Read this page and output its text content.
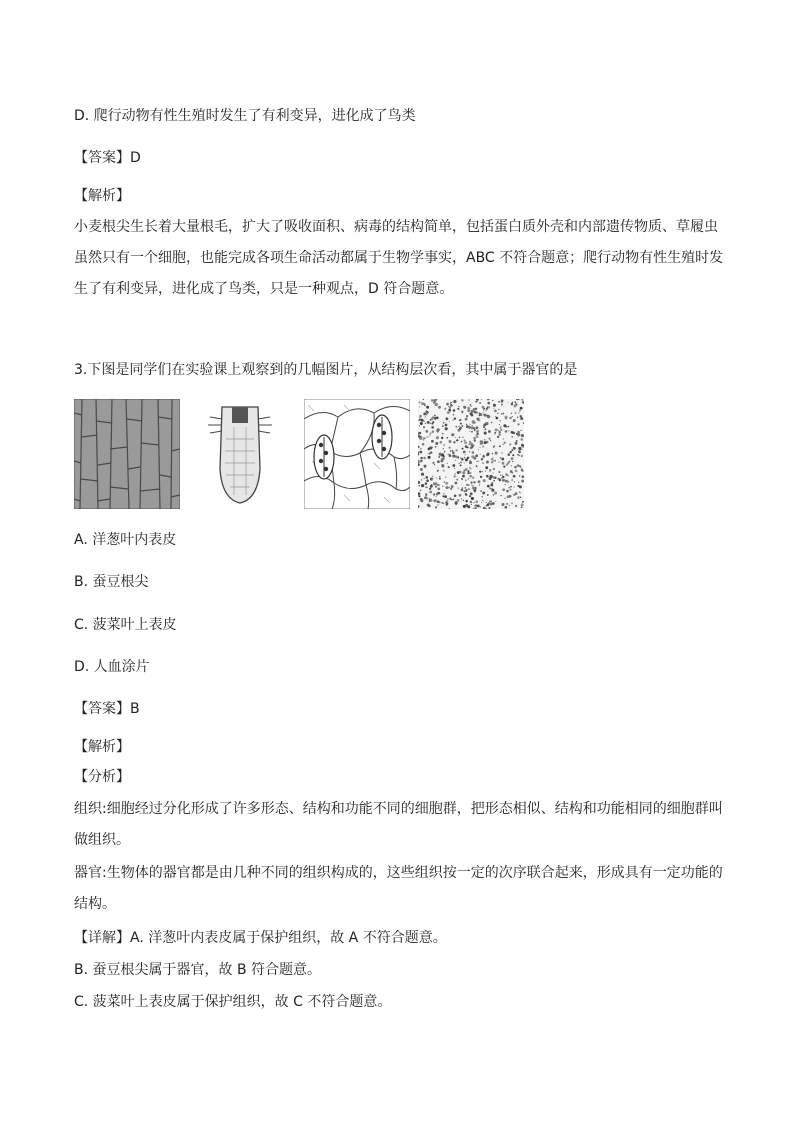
D. 爬行动物有性生殖时发生了有利变异，进化成了鸟类
【答案】D
【解析】
小麦根尖生长着大量根毛，扩大了吸收面积、病毒的结构简单，包括蛋白质外壳和内部遗传物质、草履虫虽然只有一个细胞，也能完成各项生命活动都属于生物学事实，ABC 不符合题意；爬行动物有性生殖时发生了有利变异，进化成了鸟类，只是一种观点，D 符合题意。
3.下图是同学们在实验课上观察到的几幅图片，从结构层次看，其中属于器官的是
A. 洋葱叶内表皮
B. 蚕豆根尖
C. 菠菜叶上表皮
D. 人血涂片
【答案】B
【解析】
【分析】
组织:细胞经过分化形成了许多形态、结构和功能不同的细胞群，把形态相似、结构和功能相同的细胞群叫做组织。
器官:生物体的器官都是由几种不同的组织构成的，这些组织按一定的次序联合起来，形成具有一定功能的结构。
【详解】A. 洋葱叶内表皮属于保护组织，故 A 不符合题意。
B. 蚕豆根尖属于器官，故 B 符合题意。
C. 菠菜叶上表皮属于保护组织，故 C 不符合题意。
